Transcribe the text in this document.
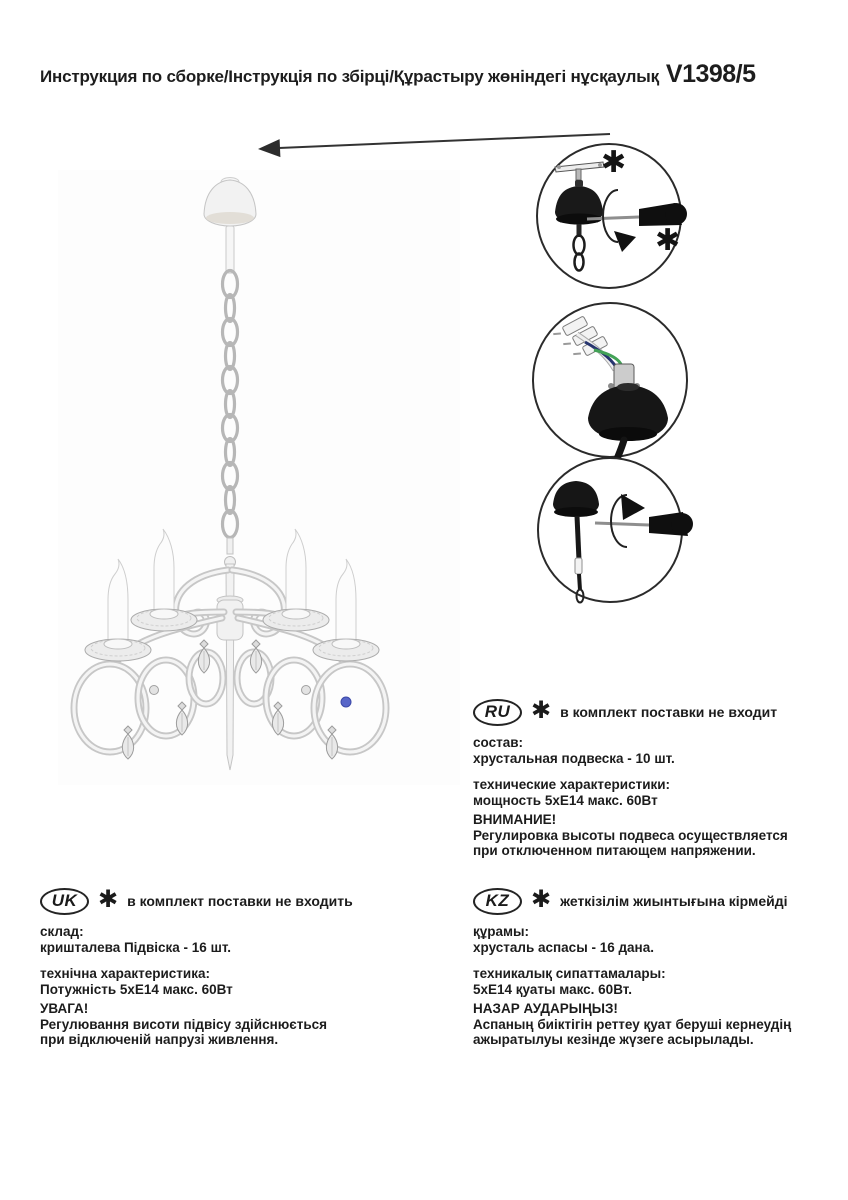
Инструкция по сборке/Інструкція по збірці/Құрастыру жөніндегі нұсқаулық V1398/5
✱
✱
RU ✱ в комплект поставки не входит
состав:
хрустальная подвеска - 10 шт.
технические характеристики:
мощность 5хЕ14 макс. 60Вт
ВНИМАНИЕ!
Регулировка высоты подвеса осуществляется
при отключенном питающем напряжении.
UK ✱ в комплект поставки не входить
склад:
кришталева Підвіска - 16 шт.
технічна характеристика:
Потужність 5хЕ14 макс. 60Вт
УВАГА!
Регулювання висоти підвісу здійснюється
при відключеній напрузі живлення.
KZ ✱ жеткізілім жиынтығына кірмейді
құрамы:
хрусталь аспасы - 16 дана.
техникалық сипаттамалары:
5хЕ14 қуаты макс. 60Вт.
НАЗАР АУДАРЫҢЫЗ!
Аспаның биіктігін реттеу қуат беруші кернеудің
ажыратылуы кезінде жүзеге асырылады.
